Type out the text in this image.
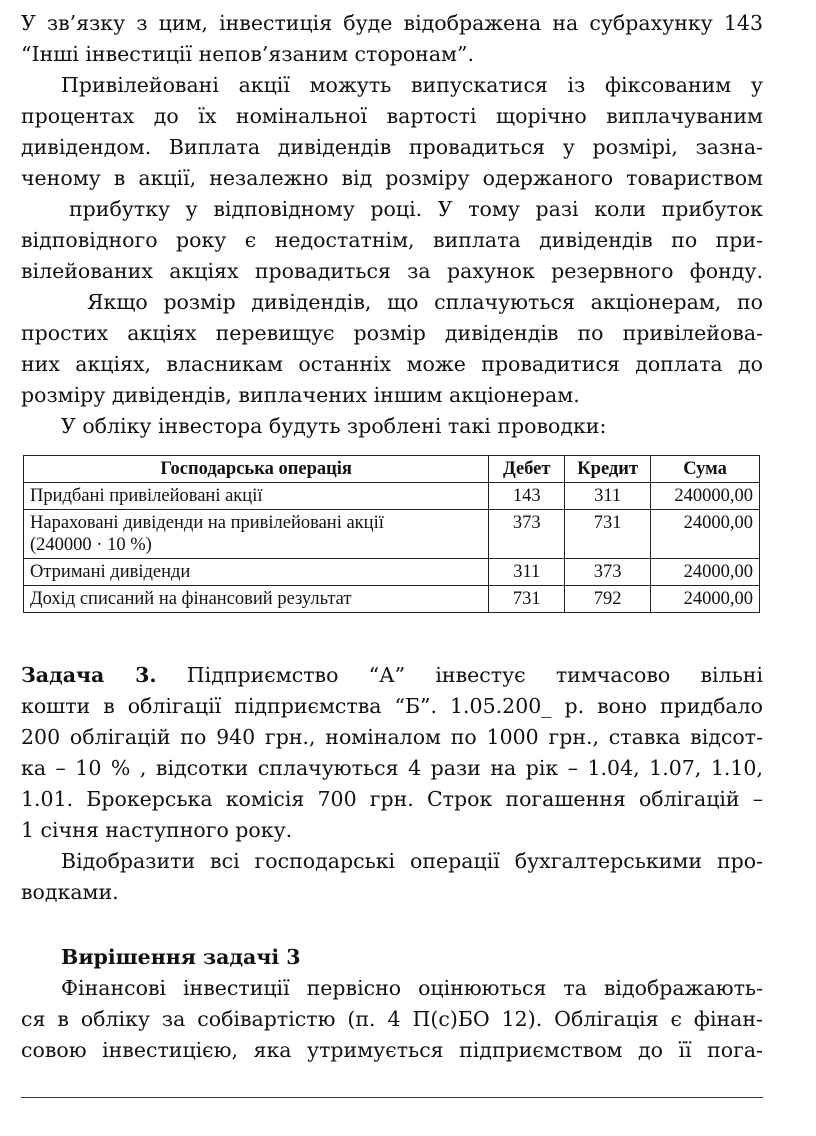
У зв’язку з цим, інвестиція буде відображена на субрахунку 143
“Інші інвестиції непов’язаним сторонам”.
Привілейовані акції можуть випускатися із фіксованим у
процентах до їх номінальної вартості щорічно виплачуваним
дивідендом. Виплата дивідендів провадиться у розмірі, зазна-
ченому в акції, незалежно від розміру одержаного товариством
прибутку у відповідному році. У тому разі коли прибуток
відповідного року є недостатнім, виплата дивідендів по при-
вілейованих акціях провадиться за рахунок резервного фонду.
Якщо розмір дивідендів, що сплачуються акціонерам, по
простих акціях перевищує розмір дивідендів по привілейова-
них акціях, власникам останніх може провадитися доплата до
розміру дивідендів, виплачених іншим акціонерам.
У обліку інвестора будуть зроблені такі проводки:
Господарська операція	Дебет	Кредит	Сума
Придбані привілейовані акції	143	311	240000,00

Нараховані дивіденди на привілейовані акції
(240000 · 10 %)	373	731	24000,00
Отримані дивіденди	311	373	24000,00
Дохід списаний на фінансовий результат	731	792	24000,00
Задача 3. Підприємство “А” інвестує тимчасово вільні
кошти в облігації підприємства “Б”. 1.05.200_ р. воно придбало
200 облігацій по 940 грн., номіналом по 1000 грн., ставка відсот-
ка – 10 % , відсотки сплачуються 4 рази на рік – 1.04, 1.07, 1.10,
1.01. Брокерська комісія 700 грн. Строк погашення облігацій –
1 січня наступного року.
Відобразити всі господарські операції бухгалтерськими про-
водками.
Вирішення задачі 3
Фінансові інвестиції первісно оцінюються та відображають-
ся в обліку за собівартістю (п. 4 П(с)БО 12). Облігація є фінан-
совою інвестицією, яка утримується підприємством до її пога-
